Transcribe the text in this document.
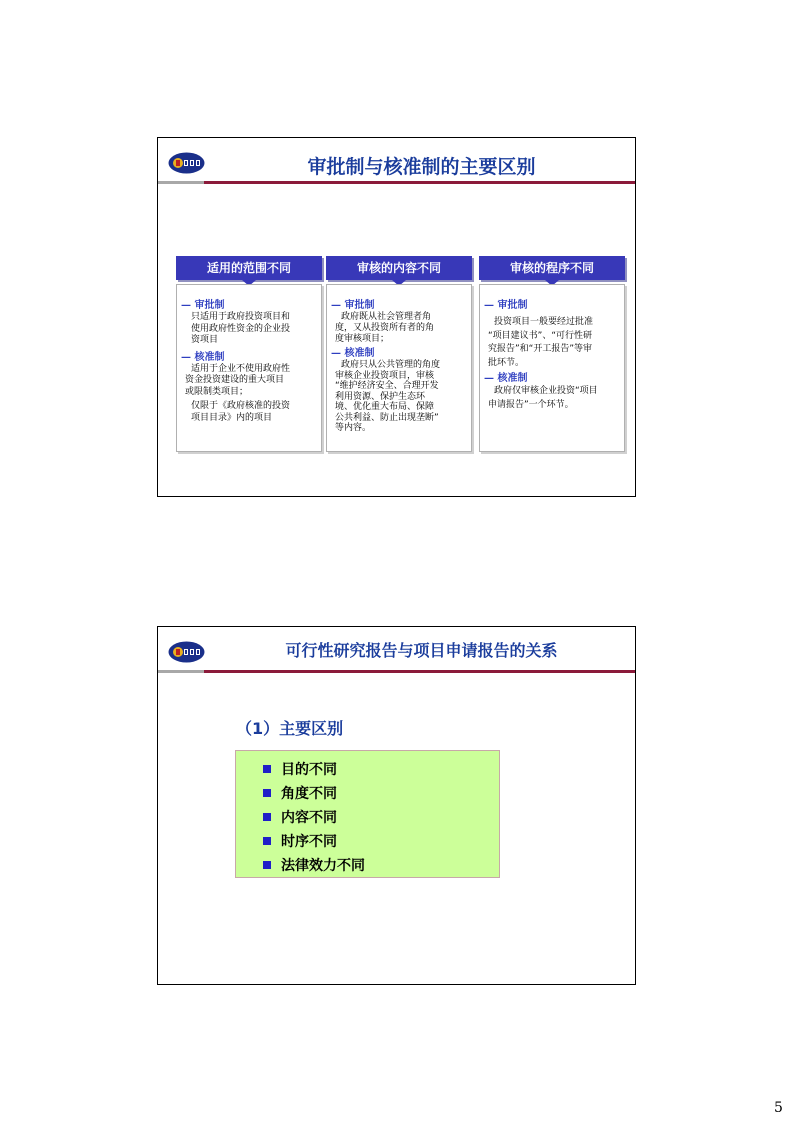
审批制与核准制的主要区别
适用的范围不同	审核的内容不同	审核的程序不同
— 审批制
只适用于政府投资项目和
使用政府性资金的企业投
资项目
— 核准制
适用于企业不使用政府性
资金投资建设的重大项目
或限制类项目；
仅限于《政府核准的投资
项目目录》内的项目
— 审批制
政府既从社会管理者角
度，又从投资所有者的角
度审核项目；
— 核准制
政府只从公共管理的角度
审核企业投资项目，审核
“维护经济安全、合理开发
利用资源、保护生态环
境、优化重大布局、保障
公共利益、防止出现垄断”
等内容。
— 审批制
投资项目一般要经过批准
“项目建议书”、“可行性研
究报告”和“开工报告”等审
批环节。
— 核准制
政府仅审核企业投资“项目
申请报告”一个环节。
可行性研究报告与项目申请报告的关系
（1）主要区别
目的不同
角度不同
内容不同
时序不同
法律效力不同
5
